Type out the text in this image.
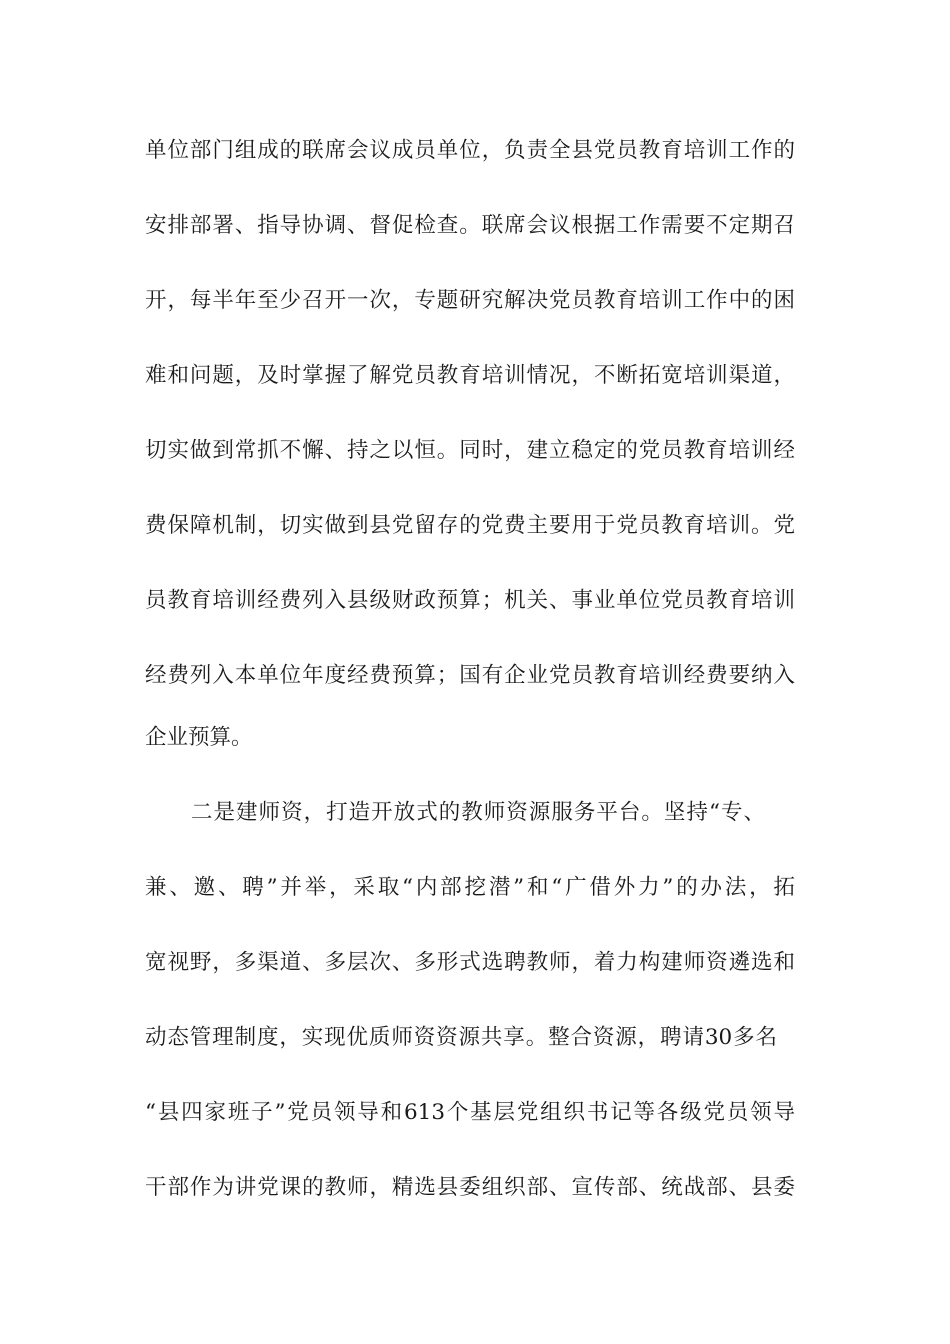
单位部门组成的联席会议成员单位，负责全县党员教育培训工作的
安排部署、指导协调、督促检查。联席会议根据工作需要不定期召
开，每半年至少召开一次，专题研究解决党员教育培训工作中的困
难和问题，及时掌握了解党员教育培训情况，不断拓宽培训渠道，
切实做到常抓不懈、持之以恒。同时，建立稳定的党员教育培训经
费保障机制，切实做到县党留存的党费主要用于党员教育培训。党
员教育培训经费列入县级财政预算；机关、事业单位党员教育培训
经费列入本单位年度经费预算；国有企业党员教育培训经费要纳入
企业预算。
二是建师资，打造开放式的教师资源服务平台。坚持“专、
兼、邀、聘”并举，采取“内部挖潜”和“广借外力”的办法，拓
宽视野，多渠道、多层次、多形式选聘教师，着力构建师资遴选和
动态管理制度，实现优质师资资源共享。整合资源，聘请30多名
“县四家班子”党员领导和613个基层党组织书记等各级党员领导
干部作为讲党课的教师，精选县委组织部、宣传部、统战部、县委
